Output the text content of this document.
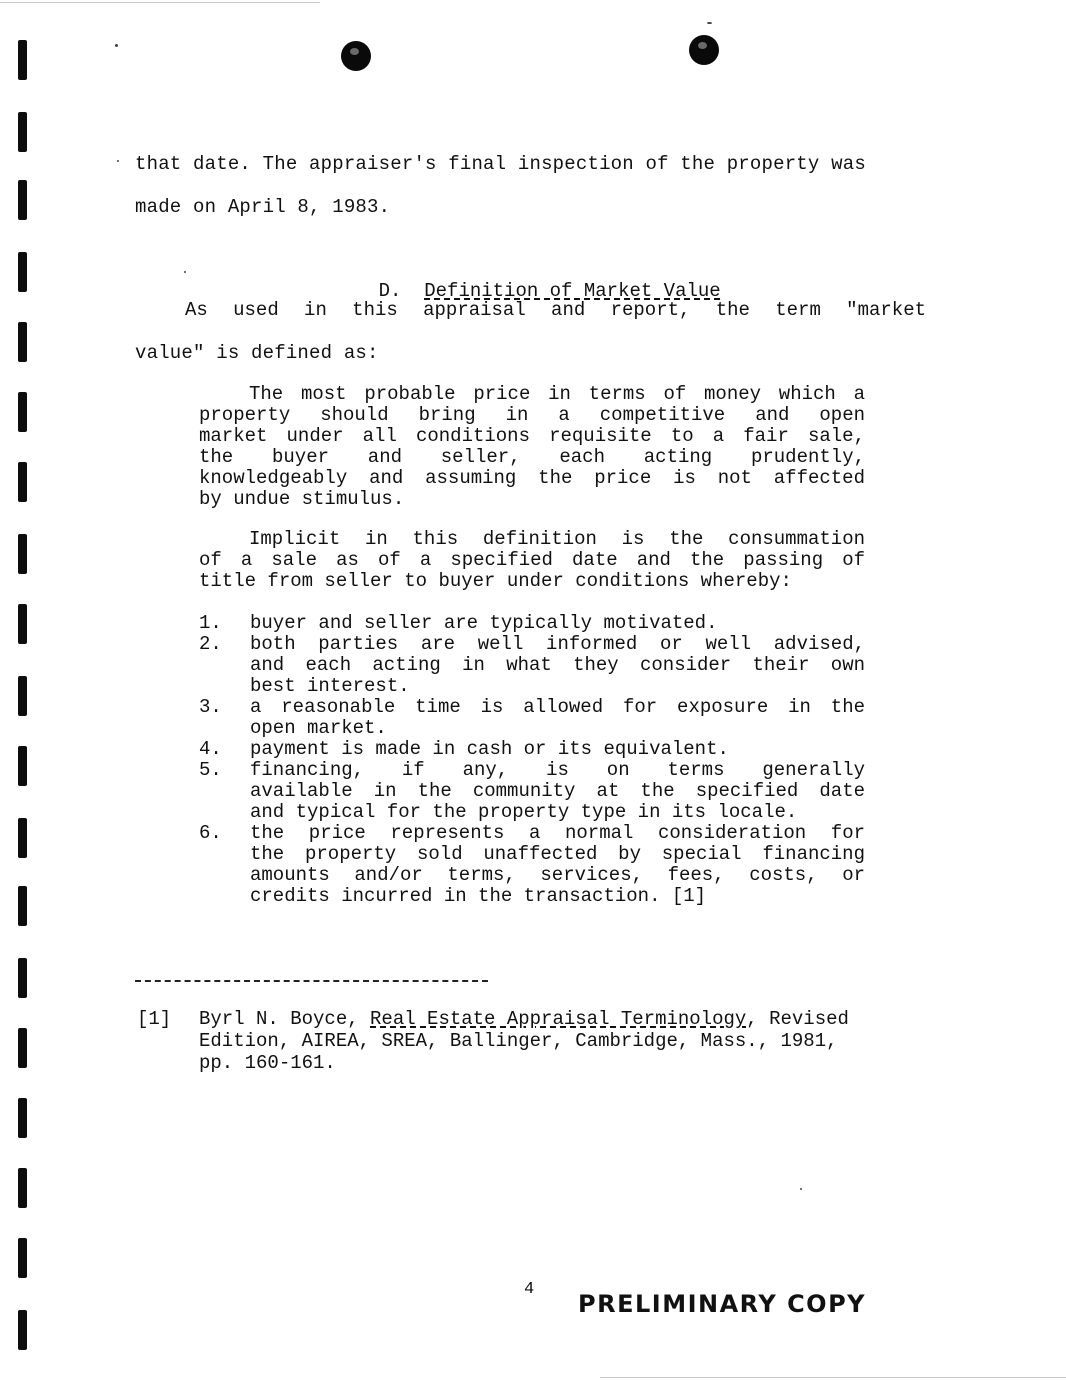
that date. The appraiser's final inspection of the property was
made on April 8, 1983.

D. Definition of Market Value

As used in this appraisal and report, the term "market
value" is defined as:
The most probable price in terms of money which a
property should bring in a competitive and open
market under all conditions requisite to a fair sale,
the buyer and seller, each acting prudently,
knowledgeably and assuming the price is not affected
by undue stimulus.
Implicit in this definition is the consummation
of a sale as of a specified date and the passing of
title from seller to buyer under conditions whereby:
1. buyer and seller are typically motivated.
2. both parties are well informed or well advised,
and each acting in what they consider their own
best interest.
3. a reasonable time is allowed for exposure in the
open market.
4. payment is made in cash or its equivalent.
5. financing, if any, is on terms generally
available in the community at the specified date
and typical for the property type in its locale.
6. the price represents a normal consideration for
the property sold unaffected by special financing
amounts and/or terms, services, fees, costs, or
credits incurred in the transaction. [1]
[1] Byrl N. Boyce, Real Estate Appraisal Terminology, Revised
Edition, AIREA, SREA, Ballinger, Cambridge, Mass., 1981,
pp. 160-161.
4
PRELIMINARY COPY
